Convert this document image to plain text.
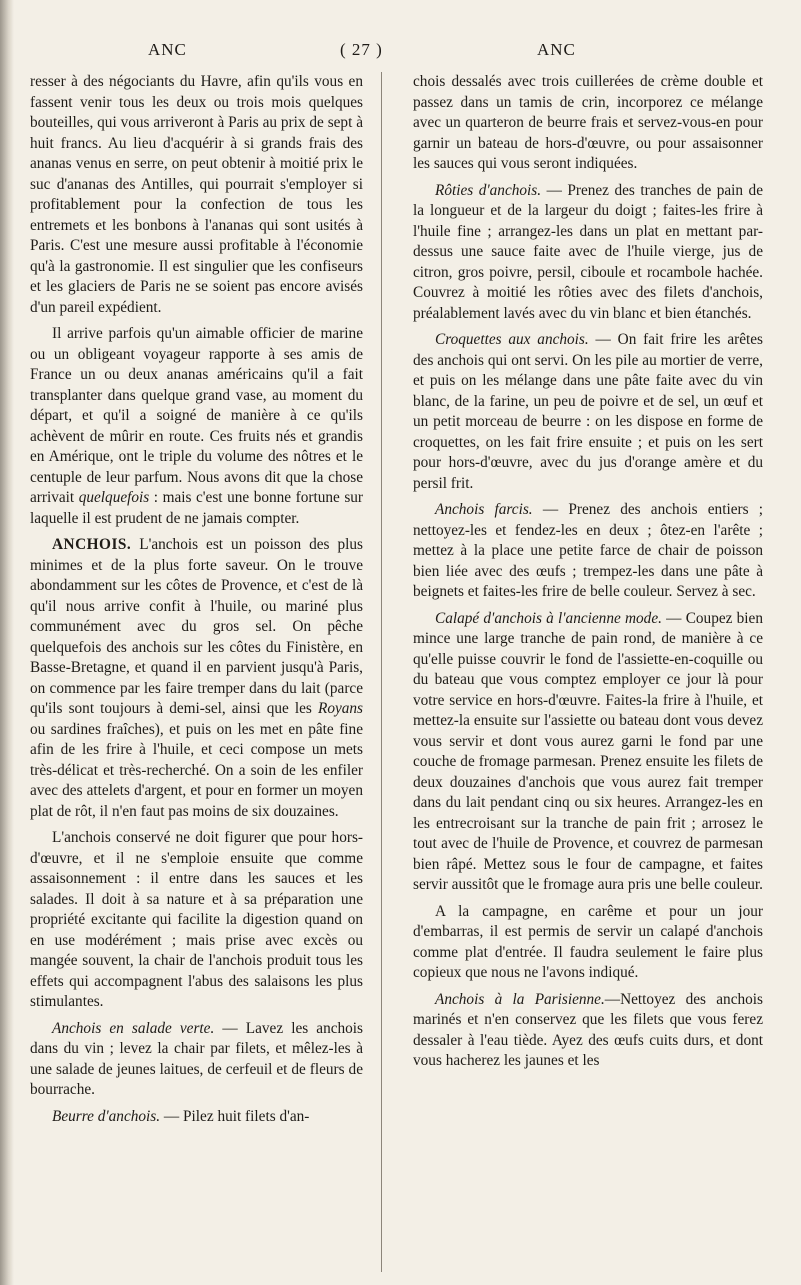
ANC	( 27 )	ANC

resser à des négociants du Havre, afin qu'ils vous en fassent venir tous les deux ou trois mois quelques bouteilles, qui vous arriveront à Paris au prix de sept à huit francs. Au lieu d'acquérir à si grands frais des ananas venus en serre, on peut obtenir à moitié prix le suc d'ananas des Antilles, qui pourrait s'employer si profitablement pour la confection de tous les entremets et les bonbons à l'ananas qui sont usités à Paris. C'est une mesure aussi profitable à l'économie qu'à la gastronomie. Il est singulier que les confiseurs et les glaciers de Paris ne se soient pas encore avisés d'un pareil expédient.

Il arrive parfois qu'un aimable officier de marine ou un obligeant voyageur rapporte à ses amis de France un ou deux ananas américains qu'il a fait transplanter dans quelque grand vase, au moment du départ, et qu'il a soigné de manière à ce qu'ils achèvent de mûrir en route. Ces fruits nés et grandis en Amérique, ont le triple du volume des nôtres et le centuple de leur parfum. Nous avons dit que la chose arrivait quelquefois : mais c'est une bonne fortune sur laquelle il est prudent de ne jamais compter.

ANCHOIS. L'anchois est un poisson des plus minimes et de la plus forte saveur. On le trouve abondamment sur les côtes de Provence, et c'est de là qu'il nous arrive confit à l'huile, ou mariné plus communément avec du gros sel. On pêche quelquefois des anchois sur les côtes du Finistère, en Basse-Bretagne, et quand il en parvient jusqu'à Paris, on commence par les faire tremper dans du lait (parce qu'ils sont toujours à demi-sel, ainsi que les Royans ou sardines fraîches), et puis on les met en pâte fine afin de les frire à l'huile, et ceci compose un mets très-délicat et très-recherché. On a soin de les enfiler avec des attelets d'argent, et pour en former un moyen plat de rôt, il n'en faut pas moins de six douzaines.

L'anchois conservé ne doit figurer que pour hors-d'œuvre, et il ne s'emploie ensuite que comme assaisonnement : il entre dans les sauces et les salades. Il doit à sa nature et à sa préparation une propriété excitante qui facilite la digestion quand on en use modérément ; mais prise avec excès ou mangée souvent, la chair de l'anchois produit tous les effets qui accompagnent l'abus des salaisons les plus stimulantes.

Anchois en salade verte. — Lavez les anchois dans du vin ; levez la chair par filets, et mêlez-les à une salade de jeunes laitues, de cerfeuil et de fleurs de bourrache.

Beurre d'anchois. — Pilez huit filets d'an-

chois dessalés avec trois cuillerées de crème double et passez dans un tamis de crin, incorporez ce mélange avec un quarteron de beurre frais et servez-vous-en pour garnir un bateau de hors-d'œuvre, ou pour assaisonner les sauces qui vous seront indiquées.

Rôties d'anchois. — Prenez des tranches de pain de la longueur et de la largeur du doigt ; faites-les frire à l'huile fine ; arrangez-les dans un plat en mettant par-dessus une sauce faite avec de l'huile vierge, jus de citron, gros poivre, persil, ciboule et rocambole hachée. Couvrez à moitié les rôties avec des filets d'anchois, préalablement lavés avec du vin blanc et bien étanchés.

Croquettes aux anchois. — On fait frire les arêtes des anchois qui ont servi. On les pile au mortier de verre, et puis on les mélange dans une pâte faite avec du vin blanc, de la farine, un peu de poivre et de sel, un œuf et un petit morceau de beurre : on les dispose en forme de croquettes, on les fait frire ensuite ; et puis on les sert pour hors-d'œuvre, avec du jus d'orange amère et du persil frit.

Anchois farcis. — Prenez des anchois entiers ; nettoyez-les et fendez-les en deux ; ôtez-en l'arête ; mettez à la place une petite farce de chair de poisson bien liée avec des œufs ; trempez-les dans une pâte à beignets et faites-les frire de belle couleur. Servez à sec.

Calapé d'anchois à l'ancienne mode. — Coupez bien mince une large tranche de pain rond, de manière à ce qu'elle puisse couvrir le fond de l'assiette-en-coquille ou du bateau que vous comptez employer ce jour là pour votre service en hors-d'œuvre. Faites-la frire à l'huile, et mettez-la ensuite sur l'assiette ou bateau dont vous devez vous servir et dont vous aurez garni le fond par une couche de fromage parmesan. Prenez ensuite les filets de deux douzaines d'anchois que vous aurez fait tremper dans du lait pendant cinq ou six heures. Arrangez-les en les entrecroisant sur la tranche de pain frit ; arrosez le tout avec de l'huile de Provence, et couvrez de parmesan bien râpé. Mettez sous le four de campagne, et faites servir aussitôt que le fromage aura pris une belle couleur.

A la campagne, en carême et pour un jour d'embarras, il est permis de servir un calapé d'anchois comme plat d'entrée. Il faudra seulement le faire plus copieux que nous ne l'avons indiqué.

Anchois à la Parisienne.—Nettoyez des anchois marinés et n'en conservez que les filets que vous ferez dessaler à l'eau tiède. Ayez des œufs cuits durs, et dont vous hacherez les jaunes et les
